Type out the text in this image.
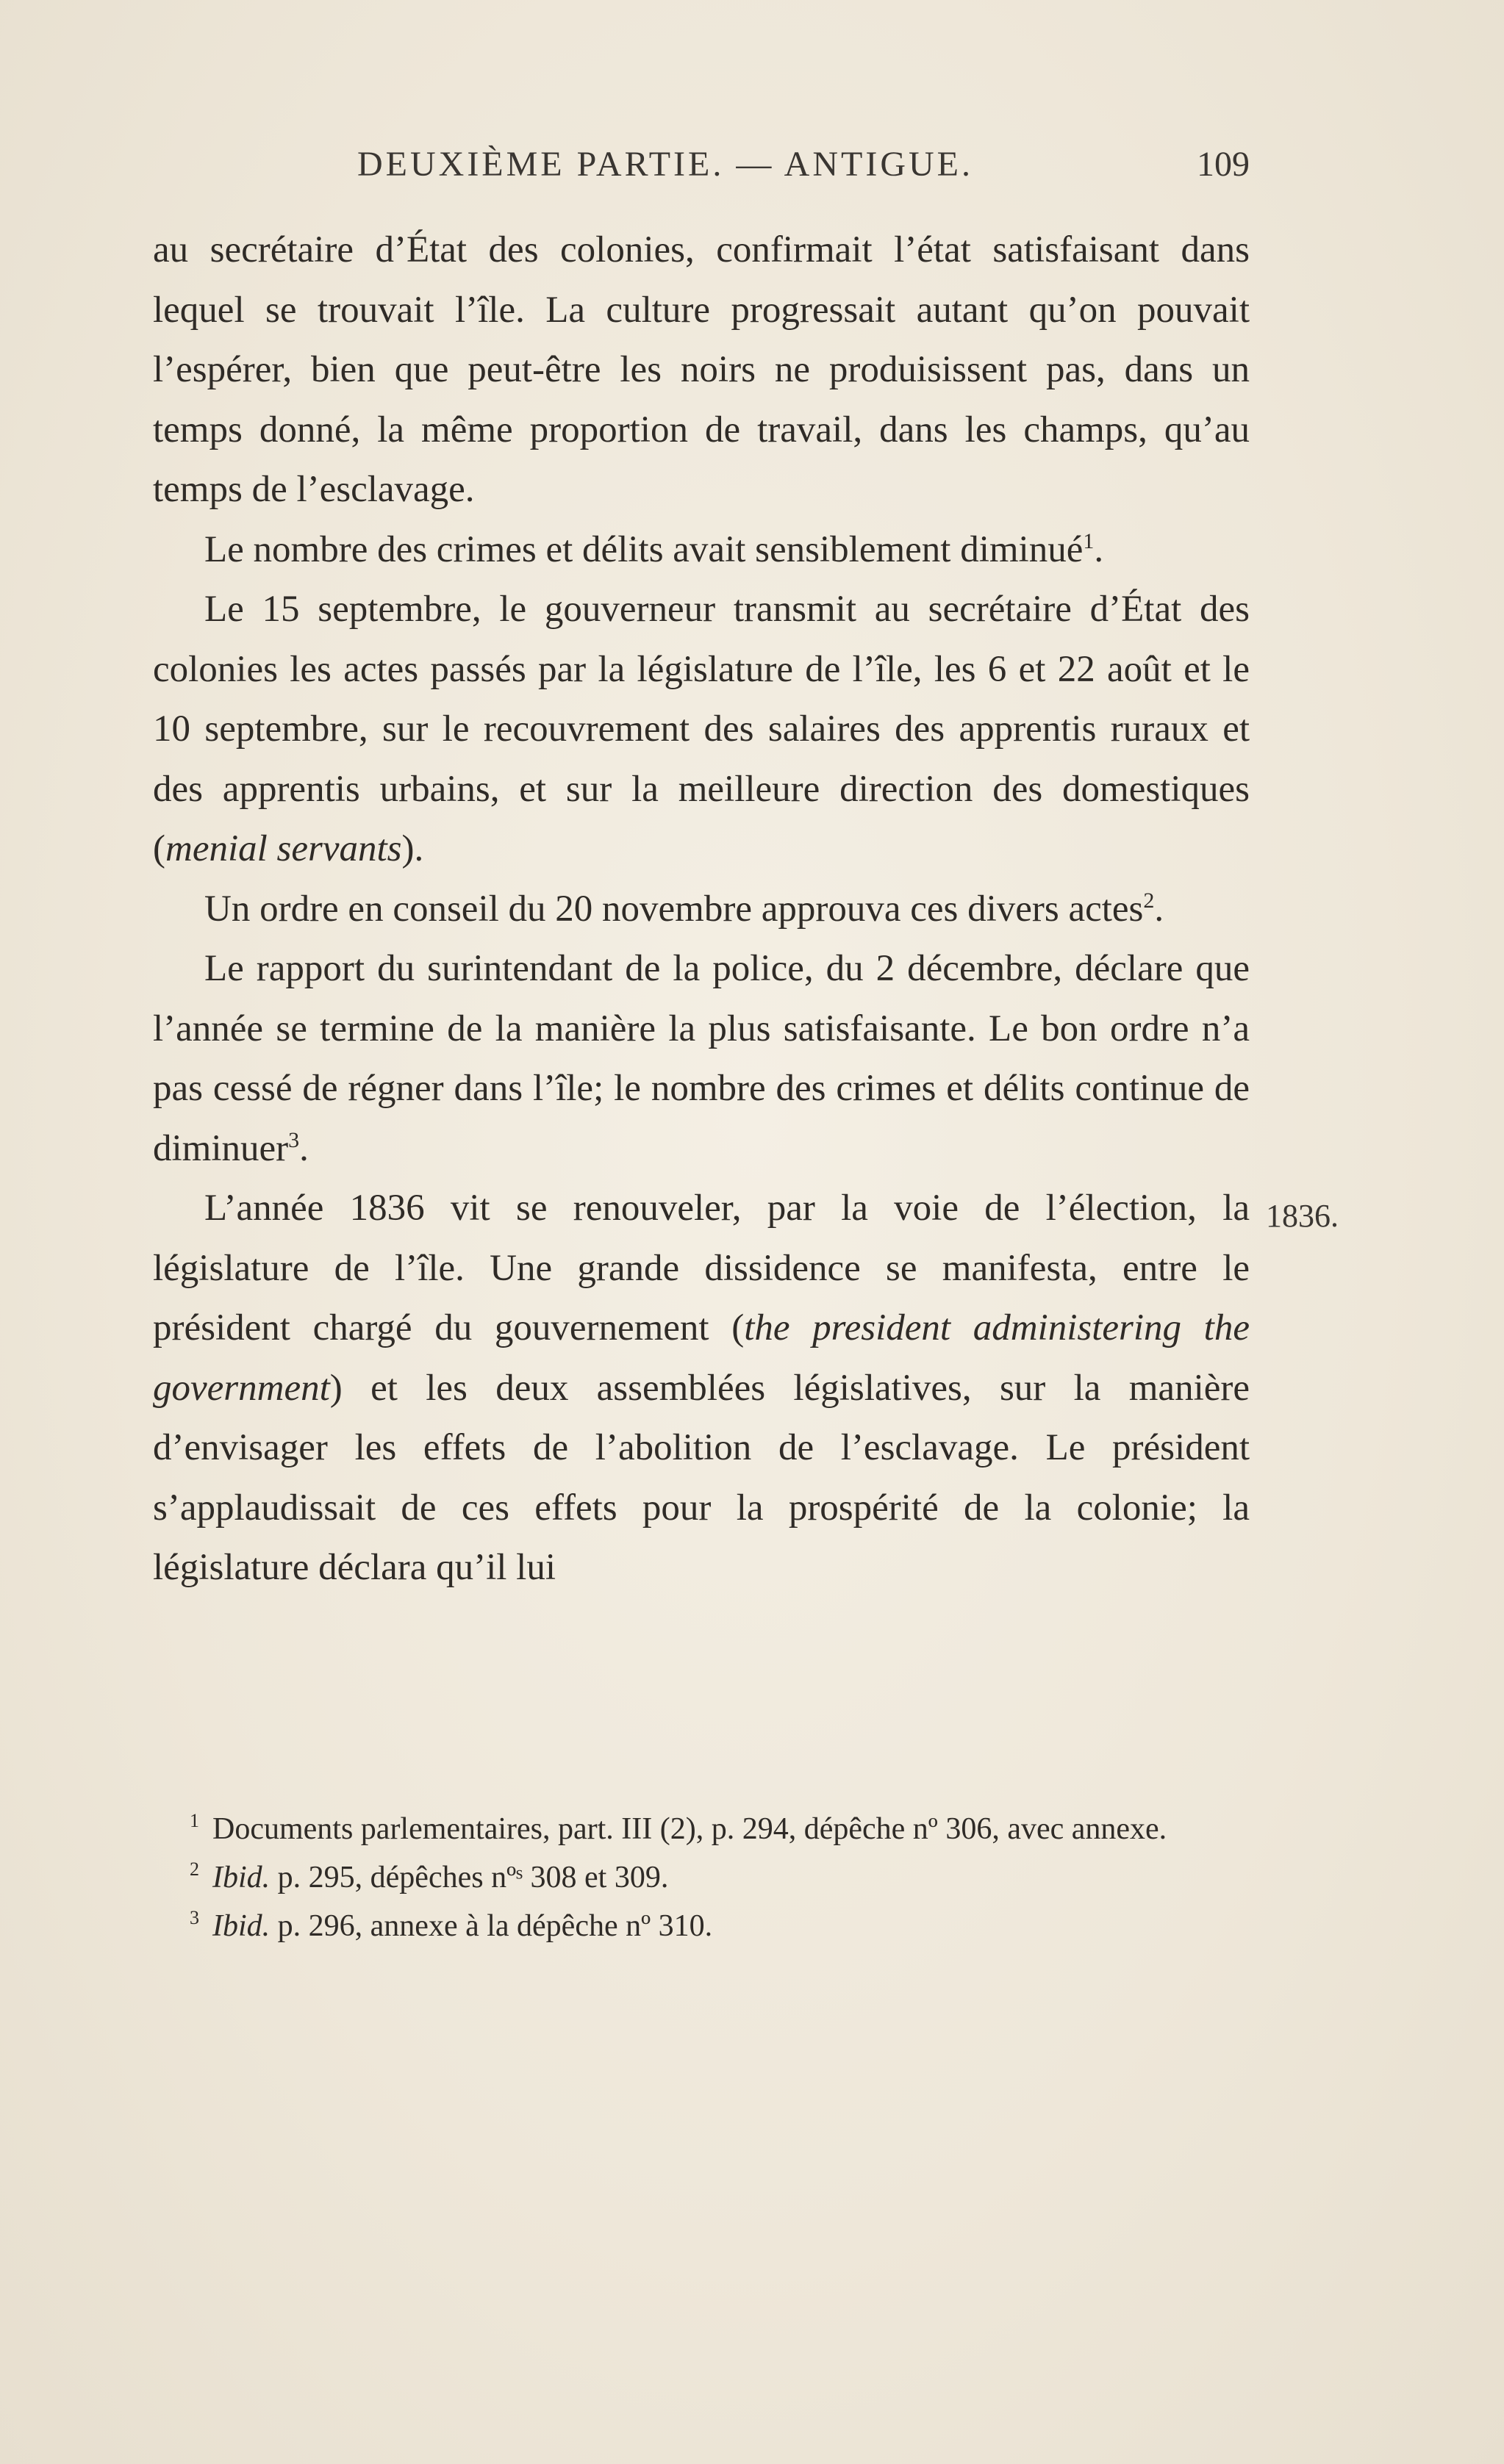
DEUXIÈME PARTIE. — ANTIGUE.	109

au secrétaire d’État des colonies, confirmait l’état satisfaisant dans lequel se trouvait l’île. La culture progressait autant qu’on pouvait l’espérer, bien que peut-être les noirs ne produisissent pas, dans un temps donné, la même proportion de travail, dans les champs, qu’au temps de l’esclavage.

Le nombre des crimes et délits avait sensiblement diminué$^1$.

Le 15 septembre, le gouverneur transmit au secrétaire d’État des colonies les actes passés par la législature de l’île, les 6 et 22 août et le 10 septembre, sur le recouvrement des salaires des apprentis ruraux et des apprentis urbains, et sur la meilleure direction des domestiques (menial servants).

Un ordre en conseil du 20 novembre approuva ces divers actes$^2$.

Le rapport du surintendant de la police, du 2 décembre, déclare que l’année se termine de la manière la plus satisfaisante. Le bon ordre n’a pas cessé de régner dans l’île; le nombre des crimes et délits continue de diminuer$^3$.

1836.

L’année 1836 vit se renouveler, par la voie de l’élection, la législature de l’île. Une grande dissidence se manifesta, entre le président chargé du gouvernement (the president administering the government) et les deux assemblées législatives, sur la manière d’envisager les effets de l’abolition de l’esclavage. Le président s’applaudissait de ces effets pour la prospérité de la colonie; la législature déclara qu’il lui

$^1$ Documents parlementaires, part. III (2), p. 294, dépêche nº 306, avec annexe.

$^2$ Ibid. p. 295, dépêches nºˢ 308 et 309.

$^3$ Ibid. p. 296, annexe à la dépêche nº 310.
